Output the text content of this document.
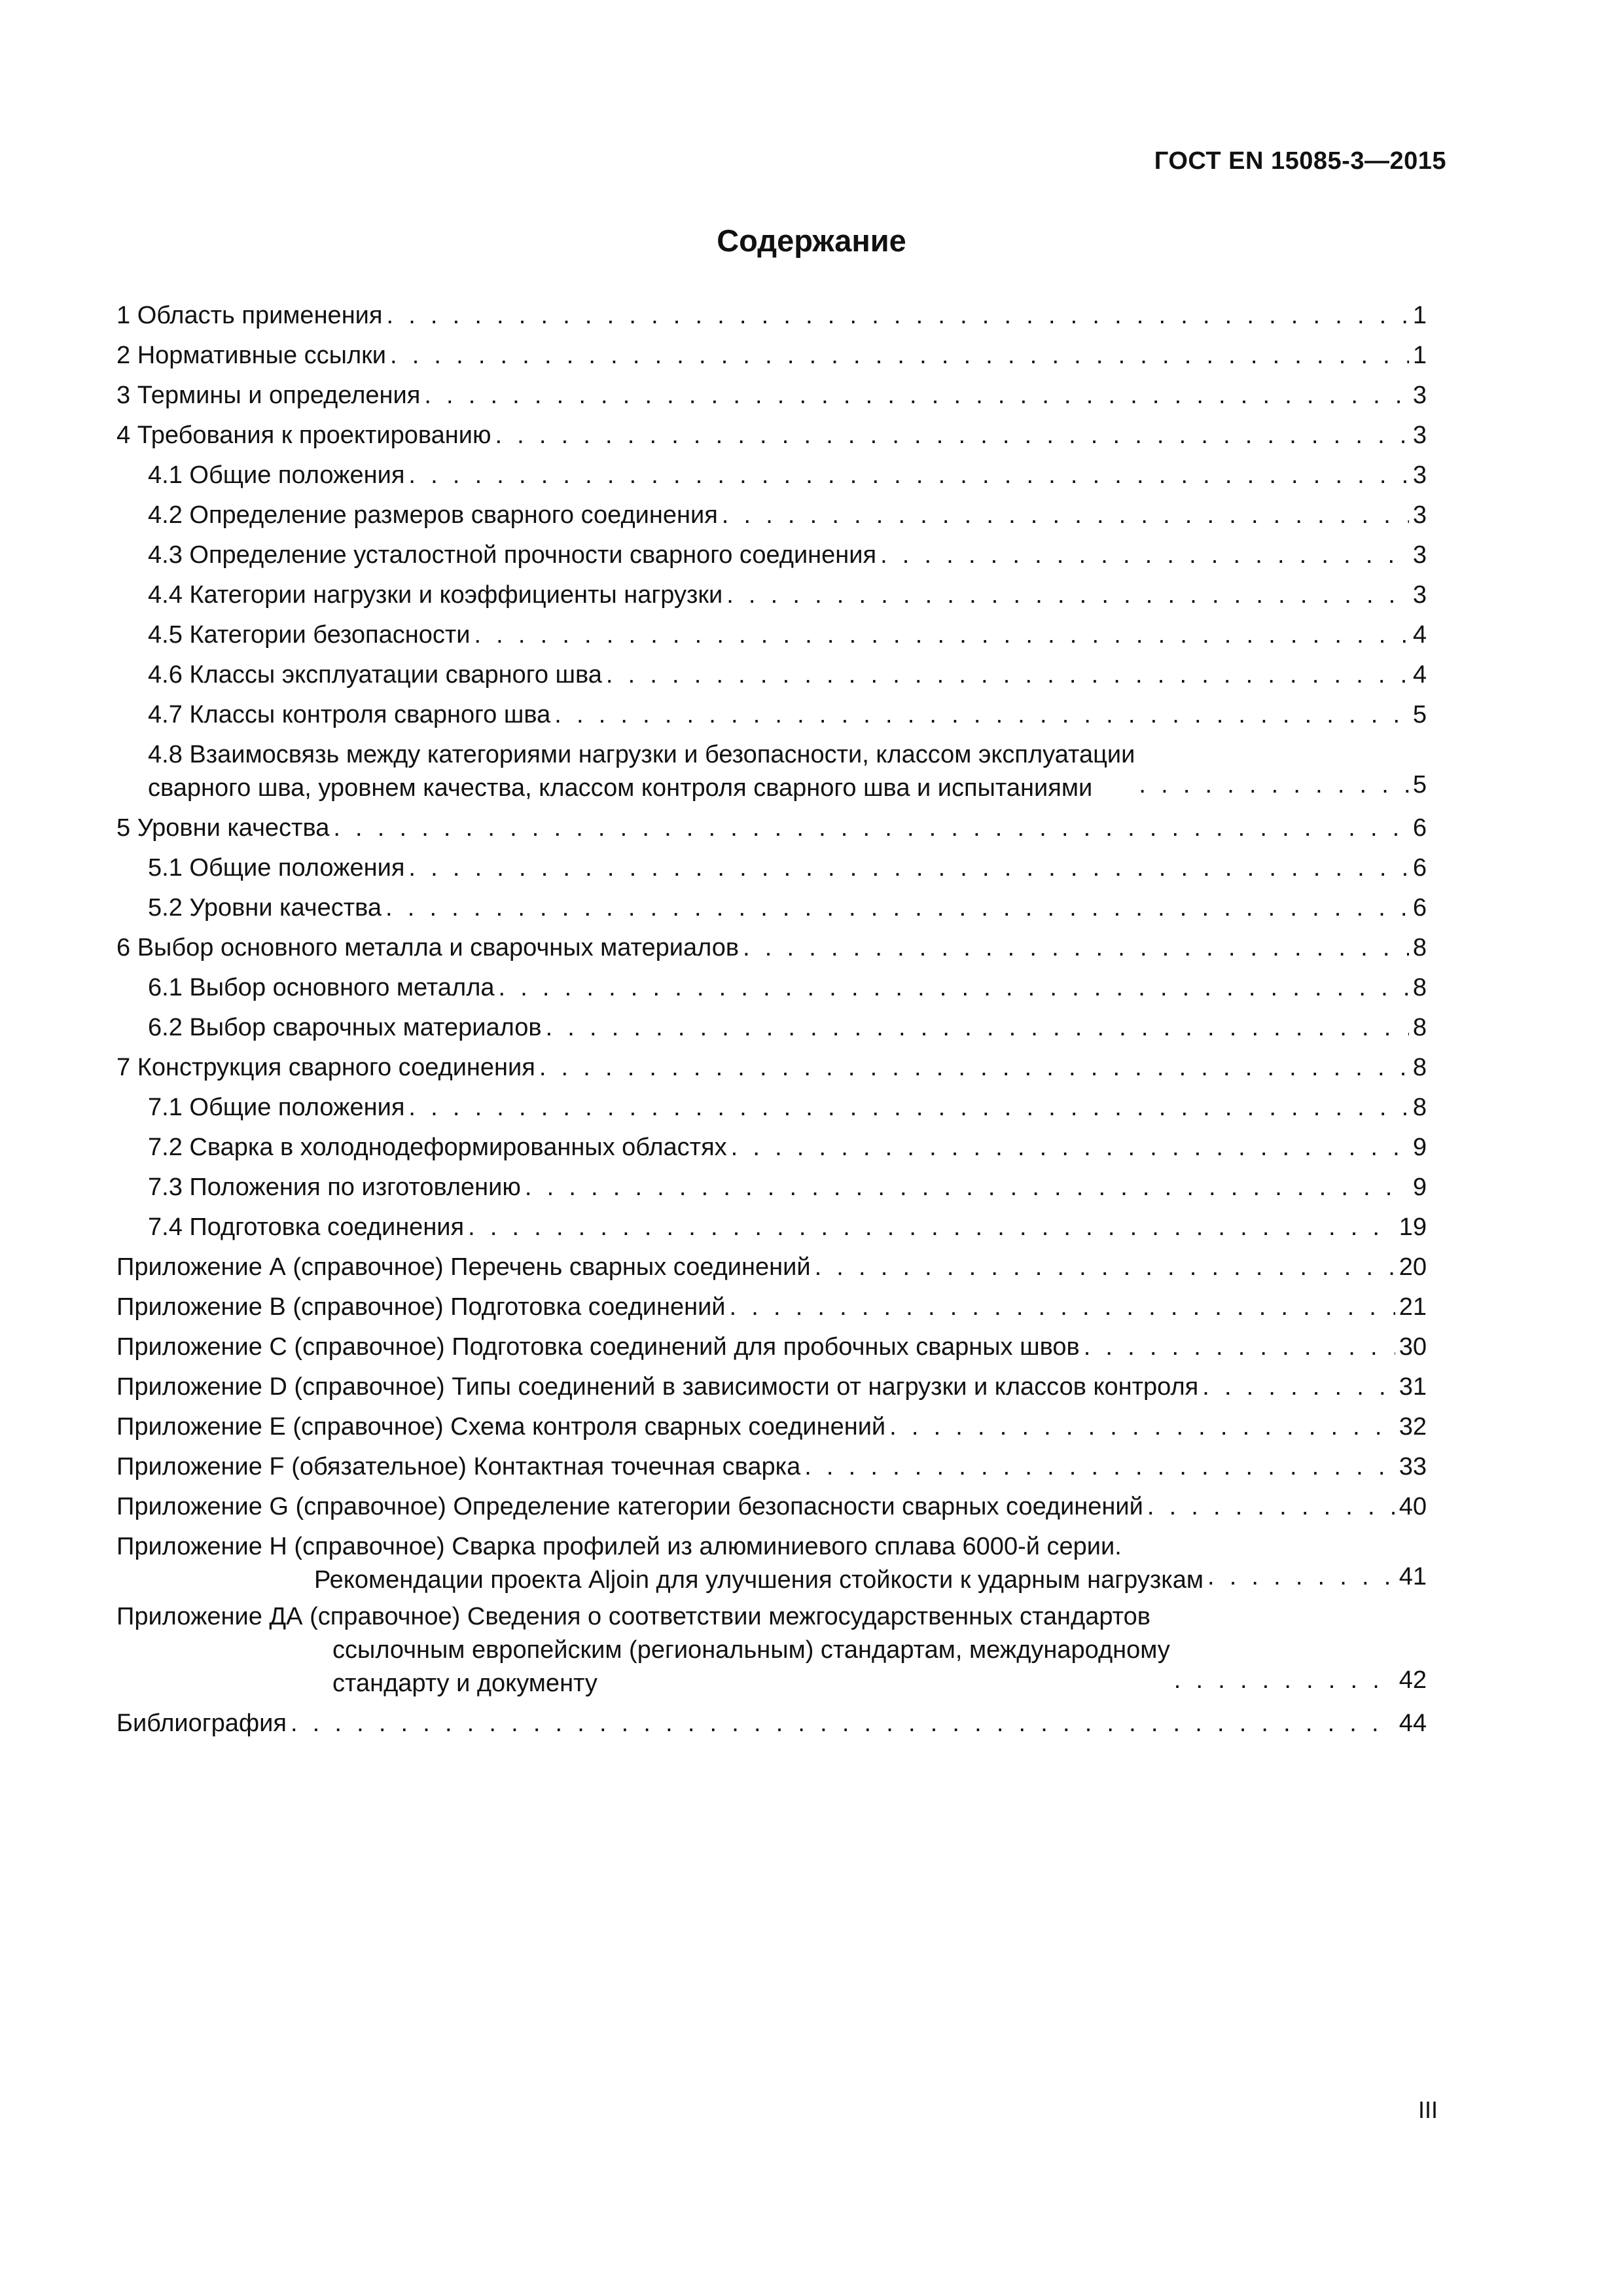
ГОСТ EN 15085-3—2015
Содержание
1 Область применения . . .	1
2 Нормативные ссылки . . .	1
3 Термины и определения . . .	3
4 Требования к проектированию . . .	3
4.1 Общие положения . . .	3
4.2 Определение размеров сварного соединения . . .	3
4.3 Определение усталостной прочности сварного соединения . . .	3
4.4 Категории нагрузки и коэффициенты нагрузки . . .	3
4.5 Категории безопасности . . .	4
4.6 Классы эксплуатации сварного шва . . .	4
4.7 Классы контроля сварного шва . . .	5
4.8 Взаимосвязь между категориями нагрузки и безопасности, классом эксплуатации
сварного шва, уровнем качества, классом контроля сварного шва и испытаниями . . .	5
5 Уровни качества . . .	6
5.1 Общие положения . . .	6
5.2 Уровни качества . . .	6
6 Выбор основного металла и сварочных материалов . . .	8
6.1 Выбор основного металла . . .	8
6.2 Выбор сварочных материалов . . .	8
7 Конструкция сварного соединения . . .	8
7.1 Общие положения . . .	8
7.2 Сварка в холоднодеформированных областях . . .	9
7.3 Положения по изготовлению . . .	9
7.4 Подготовка соединения . . .	19
Приложение А (справочное) Перечень сварных соединений . . .	20
Приложение В (справочное) Подготовка соединений . . .	21
Приложение С (справочное) Подготовка соединений для пробочных сварных швов . . .	30
Приложение D (справочное) Типы соединений в зависимости от нагрузки и классов контроля . . .	31
Приложение Е (справочное) Схема контроля сварных соединений . . .	32
Приложение F (обязательное) Контактная точечная сварка . . .	33
Приложение G (справочное) Определение категории безопасности сварных соединений . . .	40
Приложение Н (справочное) Сварка профилей из алюминиевого сплава 6000-й серии.
Рекомендации проекта Aljoin для улучшения стойкости к ударным нагрузкам . . .	41
Приложение ДА (справочное) Сведения о соответствии межгосударственных стандартов
ссылочным европейским (региональным) стандартам, международному
стандарту и документу . . .	42
Библиография . . .	44
III
